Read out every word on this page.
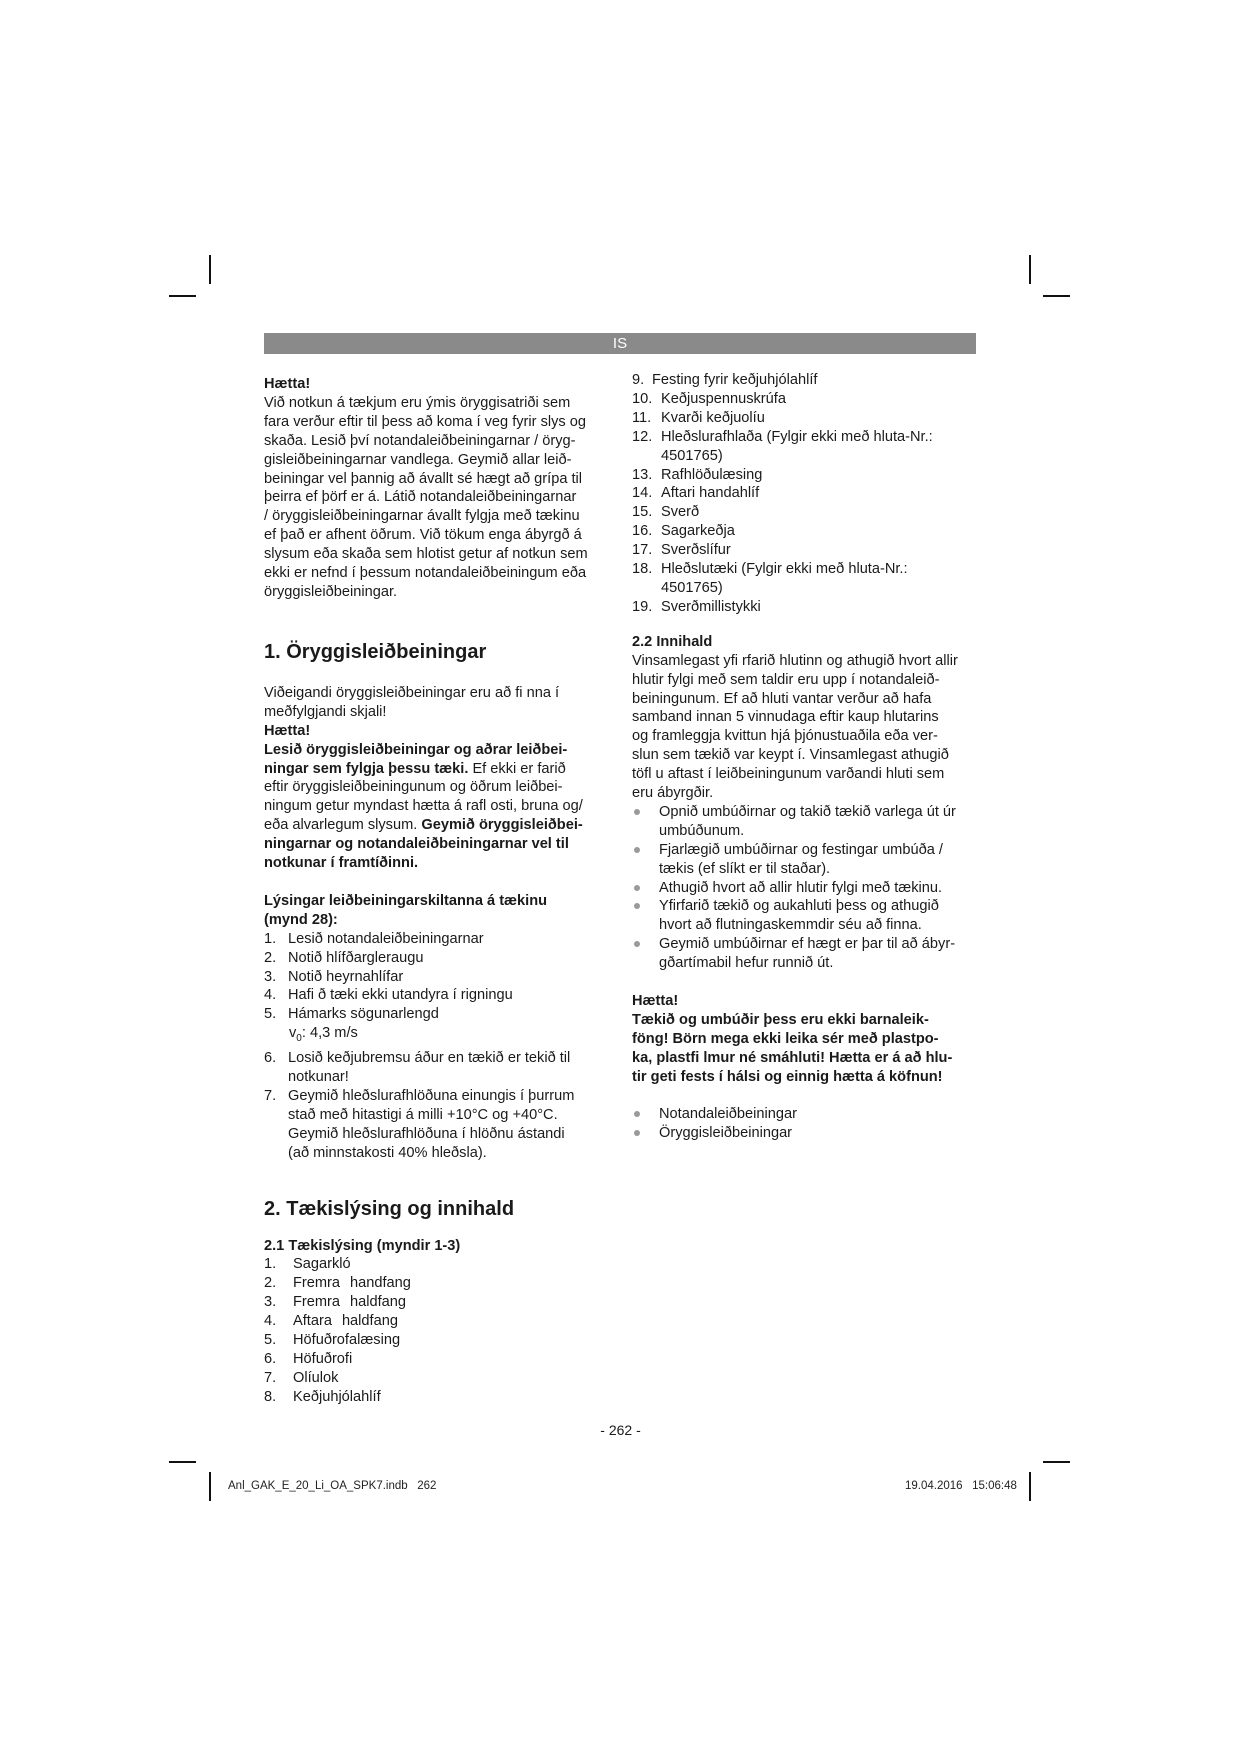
IS

Hætta!

Við notkun á tækjum eru ýmis öryggisatriði sem

fara verður eftir til þess að koma í veg fyrir slys og

skaða. Lesið því notandaleiðbeiningarnar / öryg-

gisleiðbeiningarnar vandlega. Geymið allar leið-

beiningar vel þannig að ávallt sé hægt að grípa til

þeirra ef þörf er á. Látið notandaleiðbeiningarnar

/ öryggisleiðbeiningarnar ávallt fylgja með tækinu

ef það er afhent öðrum. Við tökum enga ábyrgð á

slysum eða skaða sem hlotist getur af notkun sem

ekki er nefnd í þessum notandaleiðbeiningum eða

öryggisleiðbeiningar.

1. Öryggisleiðbeiningar

Viðeigandi öryggisleiðbeiningar eru að fi nna í

meðfylgjandi skjali!

Hætta!

Lesið öryggisleiðbeiningar og aðrar leiðbei-

ningar sem fylgja þessu tæki. Ef ekki er farið

eftir öryggisleiðbeiningunum og öðrum leiðbei-

ningum getur myndast hætta á rafl osti, bruna og/

eða alvarlegum slysum. Geymið öryggisleiðbei-

ningarnar og notandaleiðbeiningarnar vel til

notkunar í framtíðinni.

Lýsingar leiðbeiningarskiltanna á tækinu

(mynd 28):

1. Lesið notandaleiðbeiningarnar
2. Notið hlífðargleraugu
3. Notið heyrnahlífar
4. Hafi ð tæki ekki utandyra í rigningu
5. Hámarks sögunarlengd
$v_0$: 4,3 m/s
6. Losið keðjubremsu áður en tækið er tekið til
notkunar!
7. Geymið hleðslurafhlöðuna einungis í þurrum
stað með hitastigi á milli +10°C og +40°C.
Geymið hleðslurafhlöðuna í hlöðnu ástandi
(að minnstakosti 40% hleðsla).

2. Tækislýsing og innihald

2.1 Tækislýsing (myndir 1-3)

1. Sagarkló
2. Fremra handfang
3. Fremra haldfang
4. Aftara haldfang
5. Höfuðrofalæsing
6. Höfuðrofi
7. Olíulok
8. Keðjuhjólahlíf
9. Festing fyrir keðjuhjólahlíf
10. Keðjuspennuskrúfa
11. Kvarði keðjuolíu
12. Hleðslurafhlaða (Fylgir ekki með hluta-Nr.:
4501765)
13. Rafhlöðulæsing
14. Aftari handahlíf
15. Sverð
16. Sagarkeðja
17. Sverðslífur
18. Hleðslutæki (Fylgir ekki með hluta-Nr.:
4501765)
19. Sverðmillistykki

2.2 Innihald

Vinsamlegast yfi rfarið hlutinn og athugið hvort allir

hlutir fylgi með sem taldir eru upp í notandaleið-

beiningunum. Ef að hluti vantar verður að hafa

samband innan 5 vinnudaga eftir kaup hlutarins

og framleggja kvittun hjá þjónustuaðila eða ver-

slun sem tækið var keypt í. Vinsamlegast athugið

töfl u aftast í leiðbeiningunum varðandi hluti sem

eru ábyrgðir.

Opnið umbúðirnar og takið tækið varlega út úr
umbúðunum.
Fjarlægið umbúðirnar og festingar umbúða /
tækis (ef slíkt er til staðar).
Athugið hvort að allir hlutir fylgi með tækinu.
Yfirfarið tækið og aukahluti þess og athugið
hvort að flutningaskemmdir séu að finna.
Geymið umbúðirnar ef hægt er þar til að ábyr-
gðartímabil hefur runnið út.

Hætta!

Tækið og umbúðir þess eru ekki barnaleik-

föng! Börn mega ekki leika sér með plastpo-

ka, plastfi lmur né smáhluti! Hætta er á að hlu-

tir geti fests í hálsi og einnig hætta á köfnun!

Notandaleiðbeiningar
Öryggisleiðbeiningar
- 262 -
Anl_GAK_E_20_Li_OA_SPK7.indb   262	19.04.2016   15:06:48
